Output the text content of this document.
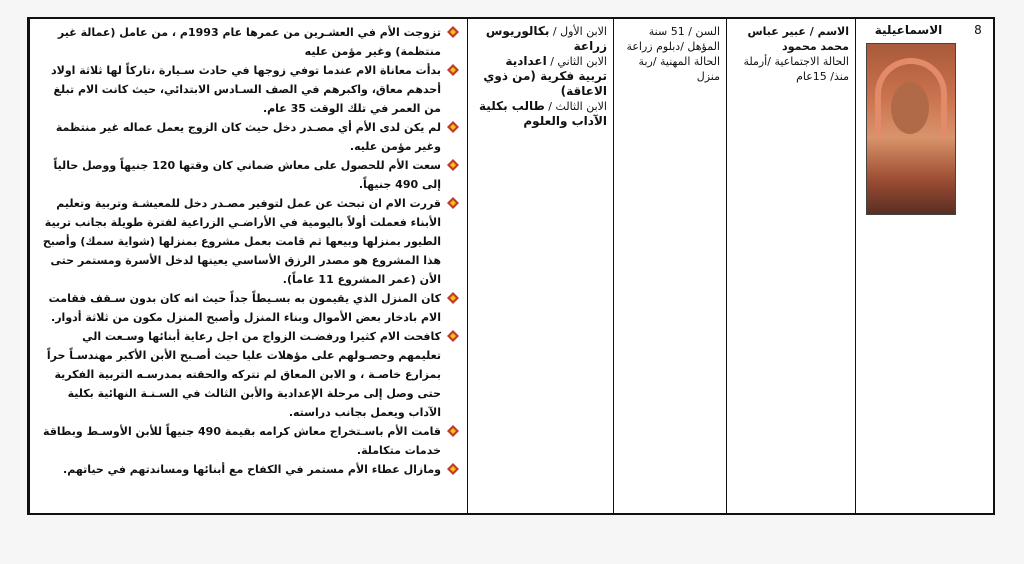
8
الاسماعيلية
الاسم / عبير عباس محمد محمود
الحالة الاجتماعية /أرملة منذ/ 15عام
السن / 51 سنة
المؤهل /دبلوم زراعة
الحالة المهنية /ربة منزل
الابن الأول / بكالوريوس زراعة
الابن الثاني / اعدادية تربية فكرية (من ذوي الاعاقة)
الابن الثالث / طالب بكلية الآداب والعلوم
تزوجت الأم في العشـرين من عمرها عام 1993م ، من عامل (عمالة غير منتظمة) وغير مؤمن عليه
بدأت معاناة الام عندما توفي زوجها في حادث سـيارة ،تاركاً لها ثلاثة اولاد أحدهم معاق، واكبرهم في الصف السـادس الابتدائي، حيث كانت الام تبلغ من العمر في تلك الوقت 35 عام.
لم يكن لدى الأم أي مصـدر دخل حيث كان الزوج يعمل عماله غير منتظمة وغير مؤمن عليه.
سعت الأم للحصول على معاش ضماني كان وقتها 120 جنيهاً ووصل حالياً إلى 490 جنيهاً.
قررت الام ان تبحث عن عمل لتوفير مصـدر دخل للمعيشـة وتربية وتعليم الأبناء فعملت أولاً باليومية في الأراضـي الزراعية لفترة طويلة بجانب تربية الطيور بمنزلها وبيعها ثم قامت بعمل مشروع بمنزلها (شواية سمك) وأصبح هذا المشروع هو مصدر الرزق الأساسي يعينها لدخل الأسرة ومستمر حتى الأن (عمر المشروع 11 عاماً).
كان المنزل الذي يقيمون به بسـيطاً جداً حيث انه كان بدون سـقف فقامت الام بادخار بعض الأموال وبناء المنزل وأصبح المنزل مكون من ثلاثة أدوار.
كافحت الام كثيرا ورفضـت الزواج من اجل رعاية أبنائها وسـعت الي تعليمهم وحصـولهم على مؤهلات عليا حيث أصـبح الأبن الأكبر مهندسـاً حراً بمزارع خاصـة ، و الابن المعاق لم تتركه والحقته بمدرسـه التربية الفكرية حتى وصل إلى مرحلة الإعدادية والأبن الثالث في السـنـة النهائية بكلية الآداب ويعمل بجانب دراسته.
قامت الأم باسـتخراج معاش كرامه بقيمة 490 جنيهاً للأبن الأوسـط وبطاقة خدمات متكاملة.
ومازال عطاء الأم مستمر في الكفاح مع أبنائها ومساندتهم في حياتهم.
